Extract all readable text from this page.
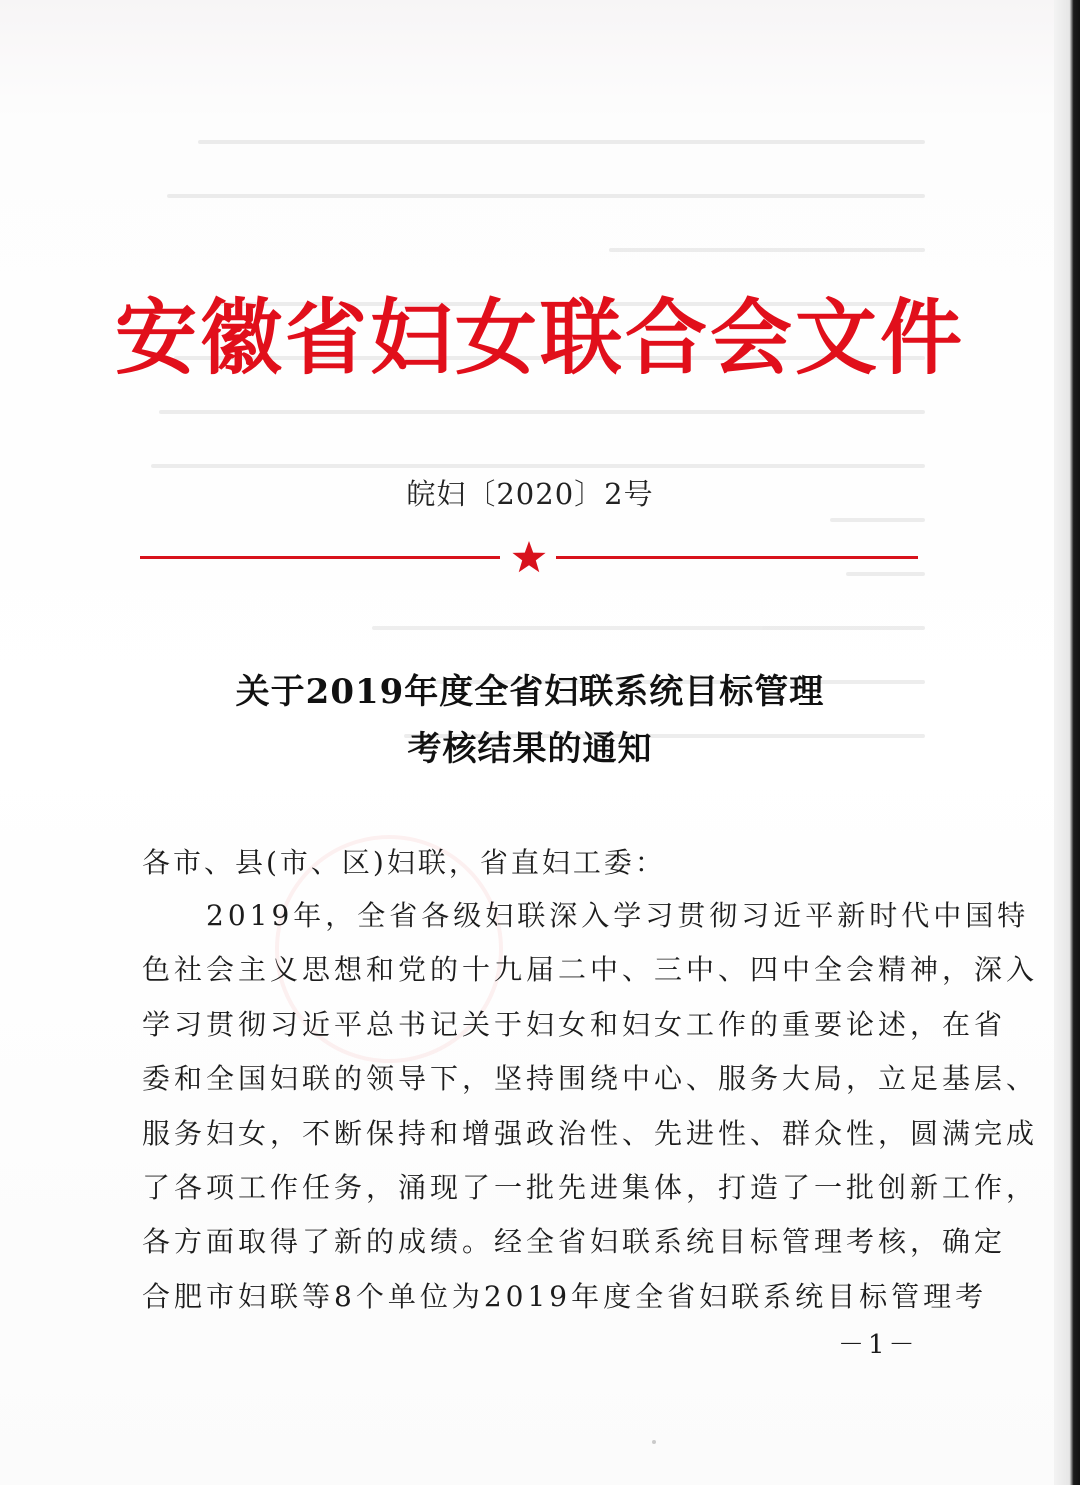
安徽省妇女联合会文件
皖妇〔2020〕2号
关于2019年度全省妇联系统目标管理
考核结果的通知
各市、县(市、区)妇联，省直妇工委：
　　2019年，全省各级妇联深入学习贯彻习近平新时代中国特
色社会主义思想和党的十九届二中、三中、四中全会精神，深入
学习贯彻习近平总书记关于妇女和妇女工作的重要论述，在省
委和全国妇联的领导下，坚持围绕中心、服务大局，立足基层、
服务妇女，不断保持和增强政治性、先进性、群众性，圆满完成
了各项工作任务，涌现了一批先进集体，打造了一批创新工作，
各方面取得了新的成绩。经全省妇联系统目标管理考核，确定
合肥市妇联等8个单位为2019年度全省妇联系统目标管理考
－1－
